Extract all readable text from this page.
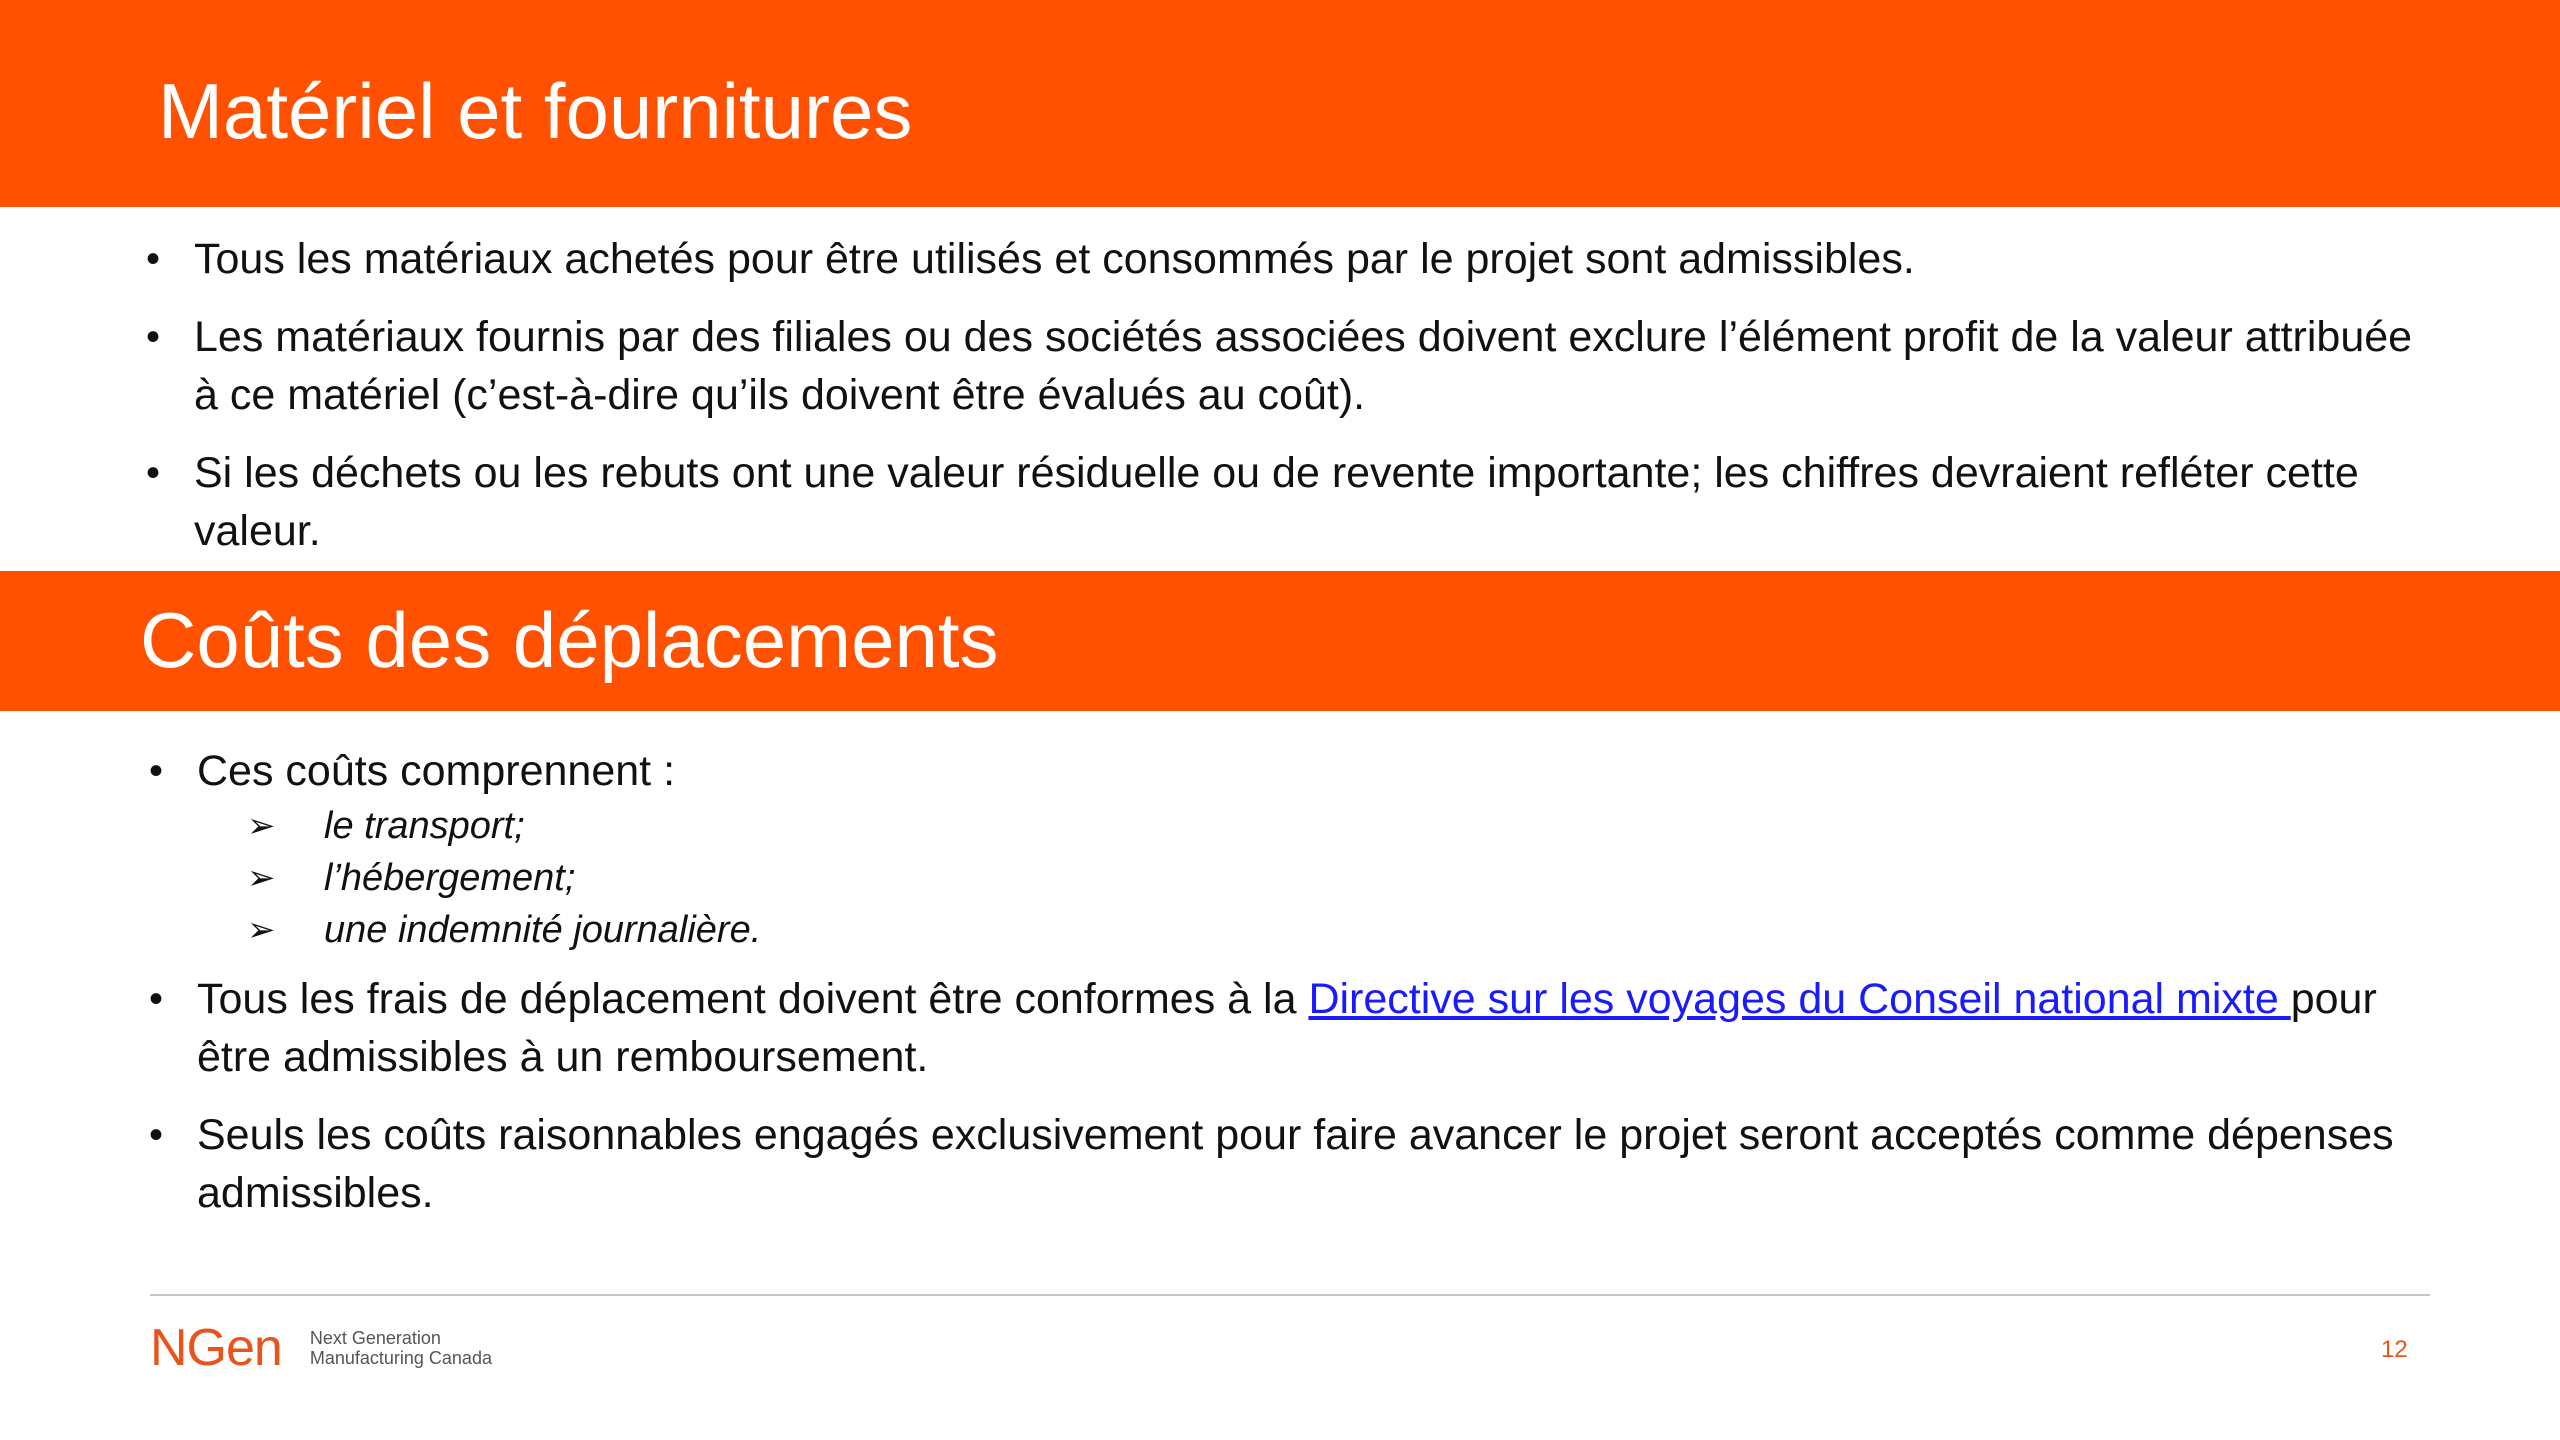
Matériel et fournitures
• Tous les matériaux achetés pour être utilisés et consommés par le projet sont admissibles.
• Les matériaux fournis par des filiales ou des sociétés associées doivent exclure l’élément profit de la valeur attribuée à ce matériel (c’est-à-dire qu’ils doivent être évalués au coût).
• Si les déchets ou les rebuts ont une valeur résiduelle ou de revente importante; les chiffres devraient refléter cette valeur.
Coûts des déplacements
• Ces coûts comprennent :
➢ le transport;
➢ l’hébergement;
➢ une indemnité journalière.
• Tous les frais de déplacement doivent être conformes à la Directive sur les voyages du Conseil national mixte pour être admissibles à un remboursement.
• Seuls les coûts raisonnables engagés exclusivement pour faire avancer le projet seront acceptés comme dépenses admissibles.
NGen Next Generation
Manufacturing Canada	12
